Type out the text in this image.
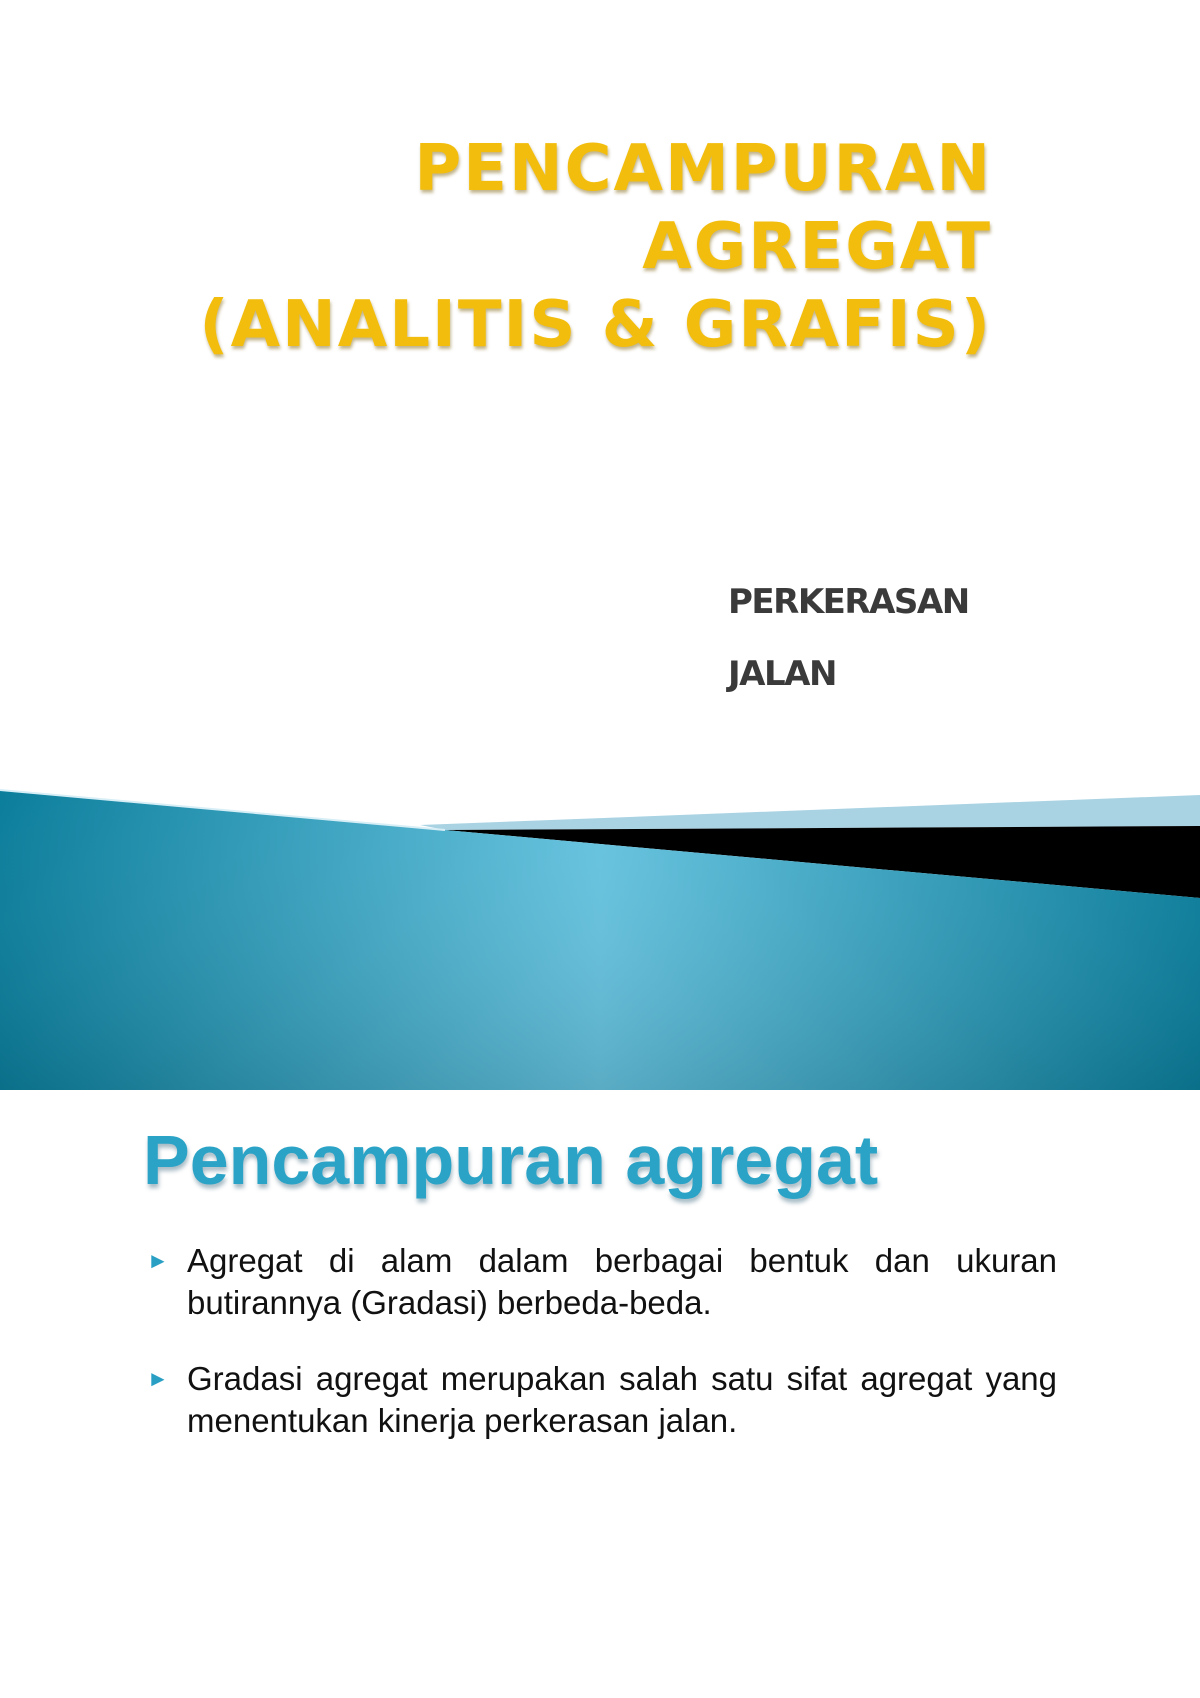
PENCAMPURAN
AGREGAT
(ANALITIS & GRAFIS)
PERKERASAN
JALAN
Pencampuran agregat
► Agregat di alam dalam berbagai bentuk dan ukuran butirannya (Gradasi) berbeda-beda.
► Gradasi agregat merupakan salah satu sifat agregat yang menentukan kinerja perkerasan jalan.
